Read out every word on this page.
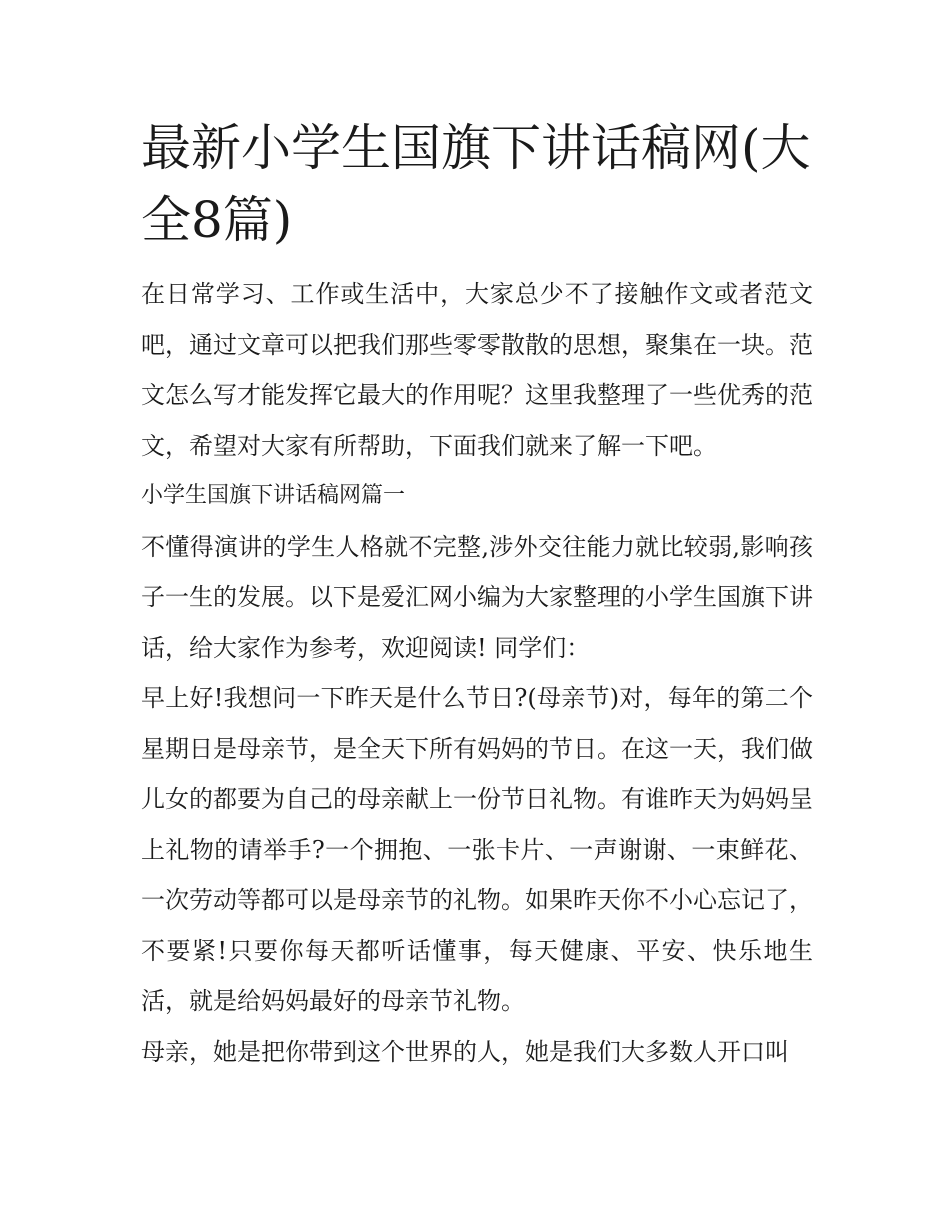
最新小学生国旗下讲话稿网(大全8篇)

在日常学习、工作或生活中，大家总少不了接触作文或者范文吧，通过文章可以把我们那些零零散散的思想，聚集在一块。范文怎么写才能发挥它最大的作用呢？这里我整理了一些优秀的范文，希望对大家有所帮助，下面我们就来了解一下吧。

小学生国旗下讲话稿网篇一

不懂得演讲的学生人格就不完整,涉外交往能力就比较弱,影响孩子一生的发展。以下是爱汇网小编为大家整理的小学生国旗下讲话，给大家作为参考，欢迎阅读! 同学们：

早上好!我想问一下昨天是什么节日?(母亲节)对，每年的第二个星期日是母亲节，是全天下所有妈妈的节日。在这一天，我们做儿女的都要为自己的母亲献上一份节日礼物。有谁昨天为妈妈呈上礼物的请举手?一个拥抱、一张卡片、一声谢谢、一束鲜花、一次劳动等都可以是母亲节的礼物。如果昨天你不小心忘记了，不要紧!只要你每天都听话懂事，每天健康、平安、快乐地生活，就是给妈妈最好的母亲节礼物。

母亲，她是把你带到这个世界的人，她是我们大多数人开口叫
